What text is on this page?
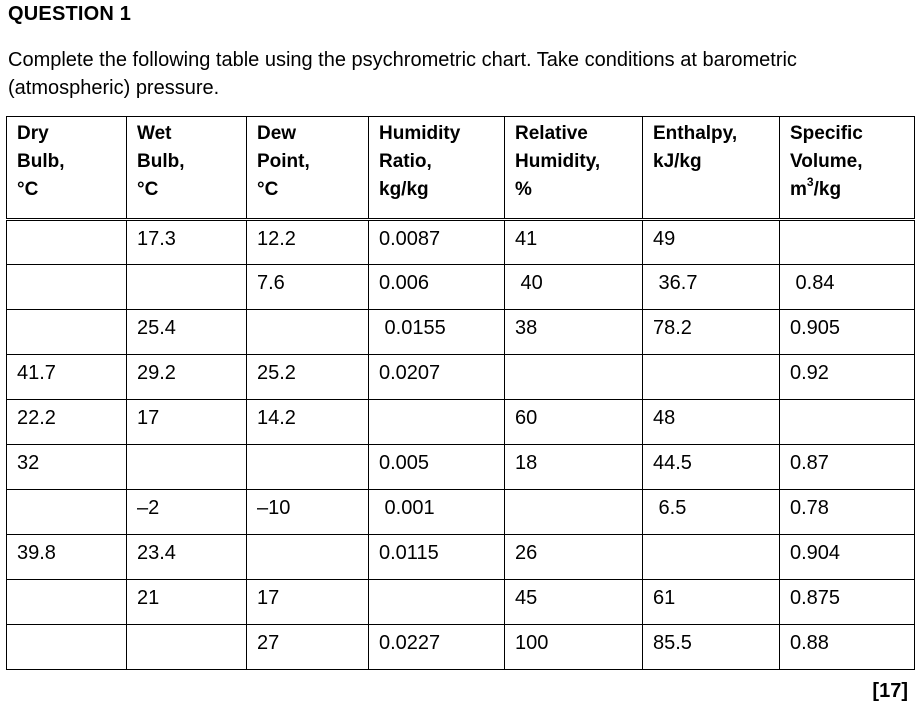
QUESTION 1
Complete the following table using the psychrometric chart. Take conditions at barometric (atmospheric) pressure.
Dry
Bulb,
°C	Wet
Bulb,
°C	Dew
Point,
°C	Humidity
Ratio,
kg/kg	Relative
Humidity,
%	Enthalpy,
kJ/kg	Specific
Volume,
$m^3/kg$

	17.3	12.2	0.0087	41	49	
		7.6	0.006	40	36.7	0.84
	25.4		0.0155	38	78.2	0.905
41.7	29.2	25.2	0.0207			0.92
22.2	17	14.2		60	48	
32			0.005	18	44.5	0.87
	–2	–10	0.001		6.5	0.78
39.8	23.4		0.0115	26		0.904
	21	17		45	61	0.875
		27	0.0227	100	85.5	0.88
[17]
